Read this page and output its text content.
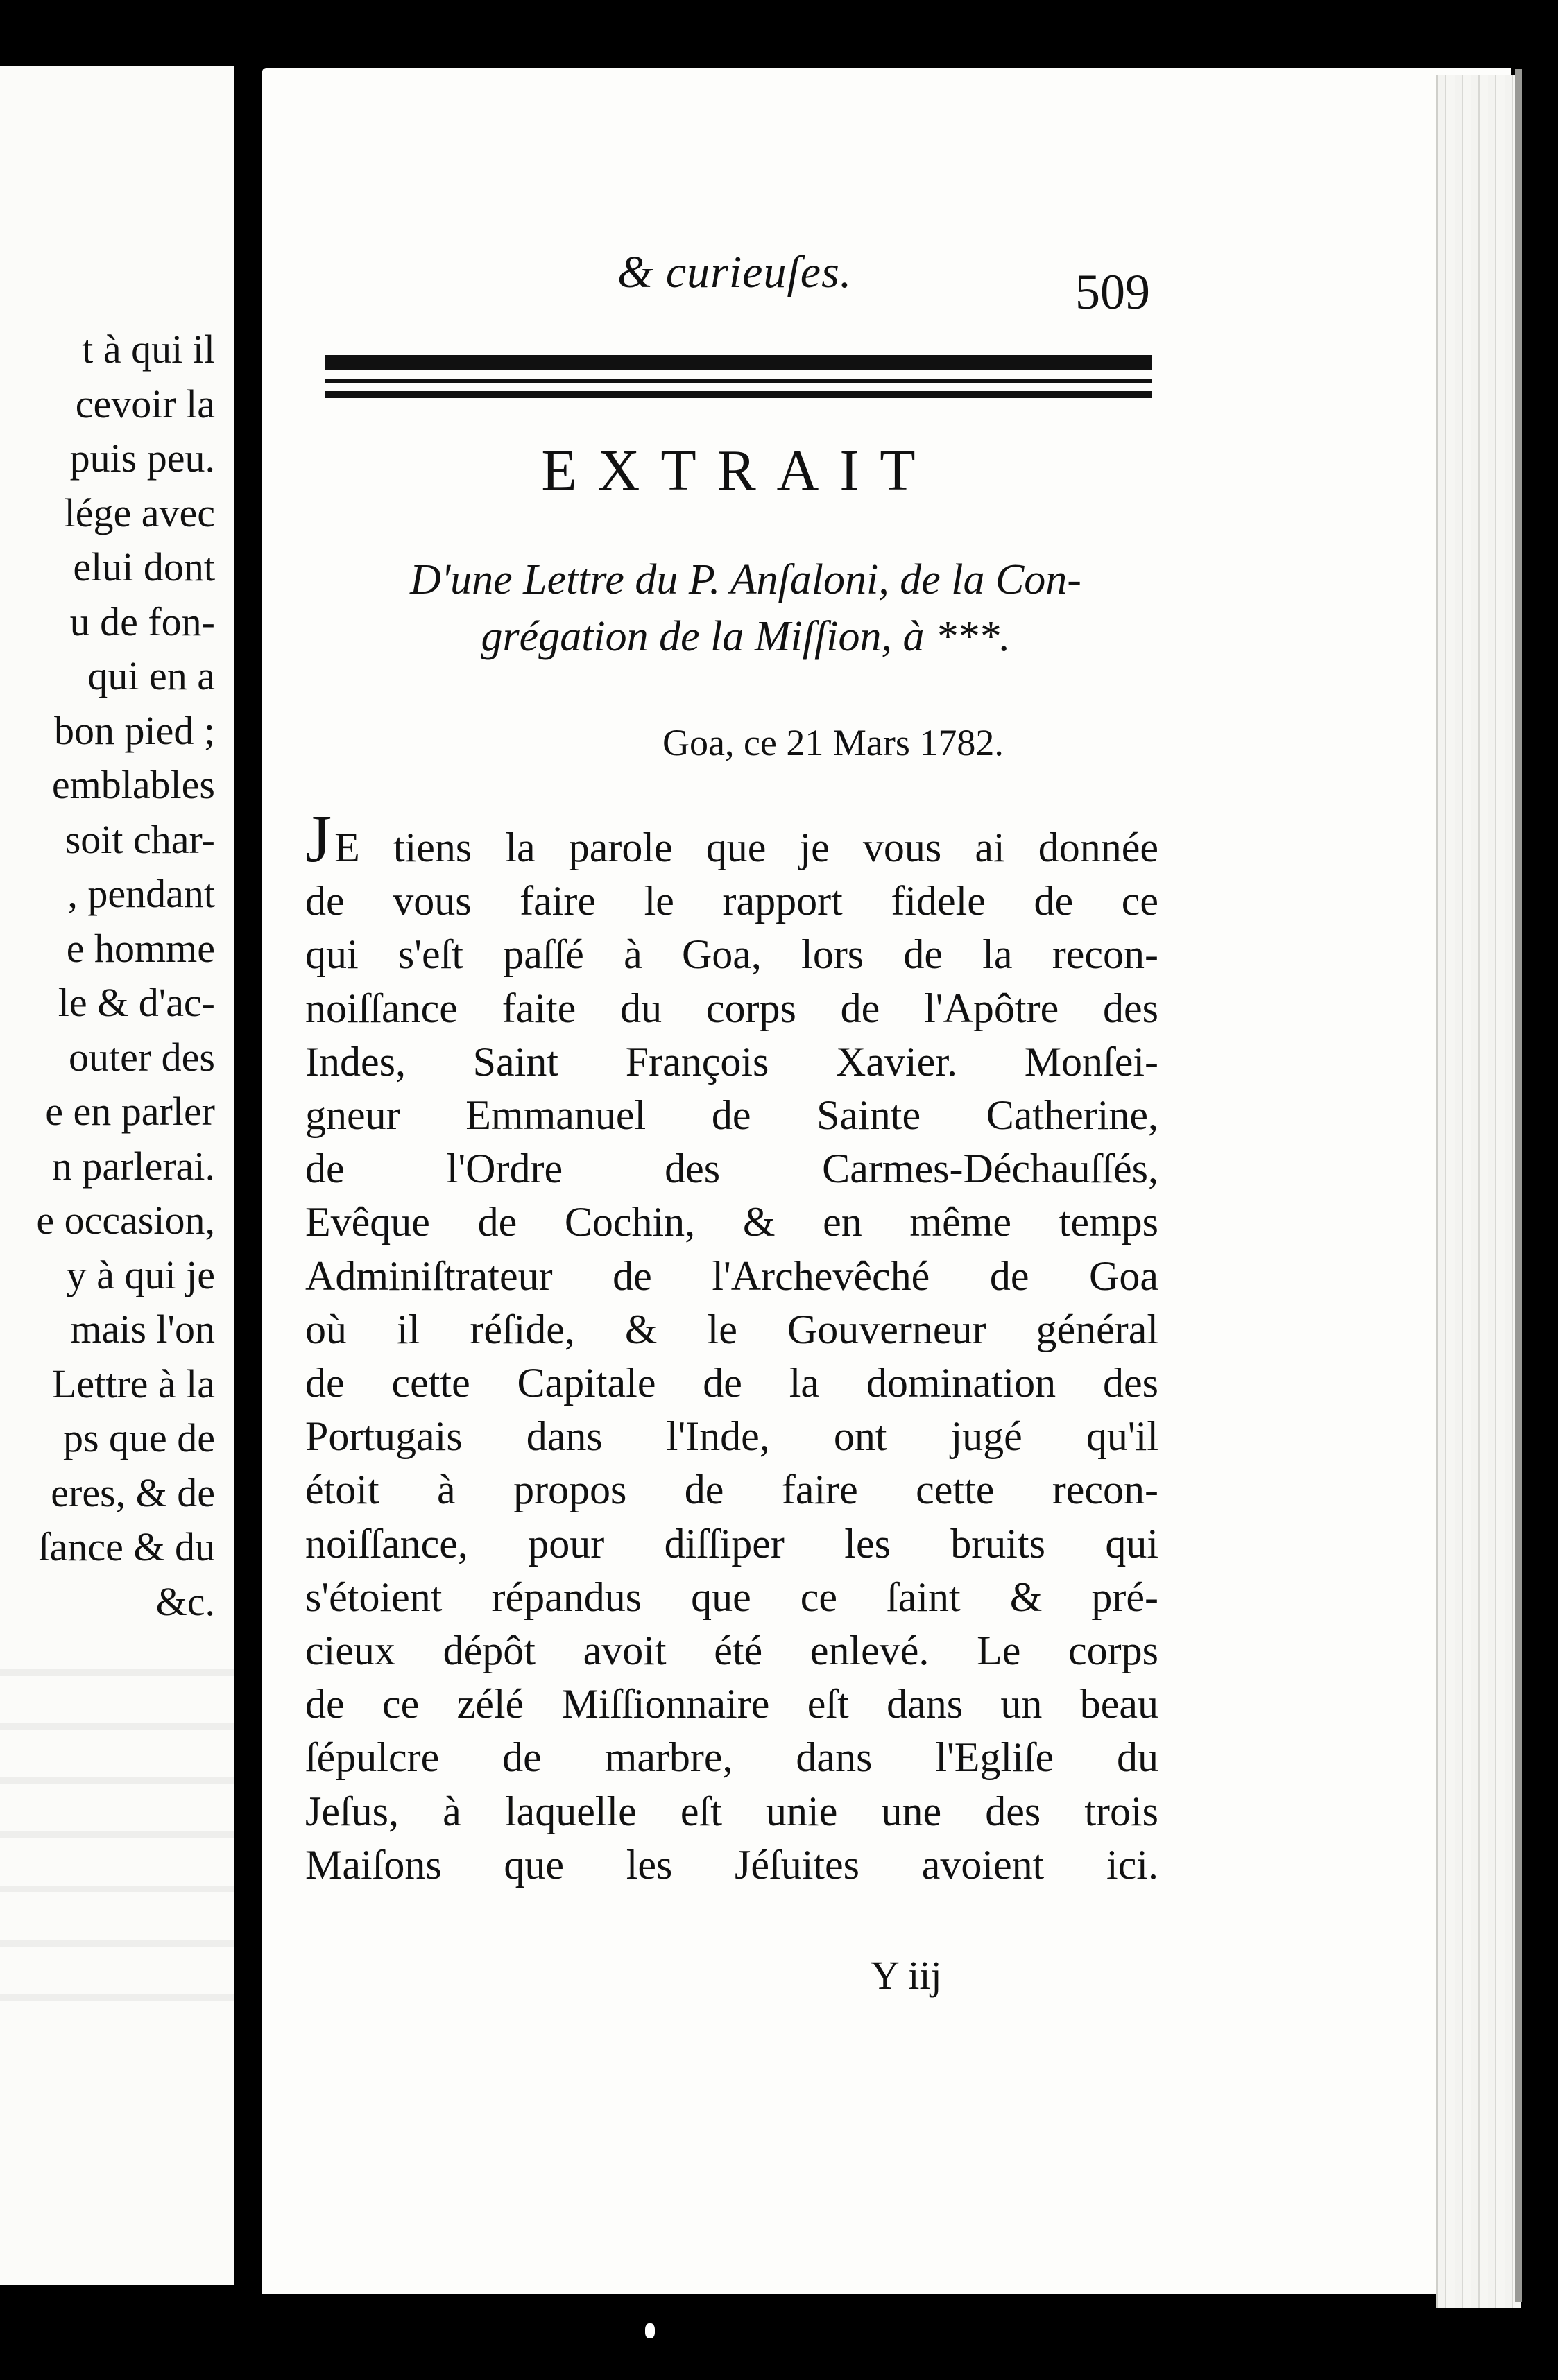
t à qui il
cevoir la
puis peu.
lége avec
elui dont
u de fon-
qui en a
bon pied ;
emblables
soit char-
, pendant
e homme
le & d'ac-
outer des
e en parler
n parlerai.
e occasion,
y à qui je
mais l'on
Lettre à la
ps que de
eres, & de
ſance & du
&c.
& curieuſes.	509
EXTRAIT
D'une Lettre du P. Anſaloni, de la Con-
grégation de la Miſſion, à ***.
Goa, ce 21 Mars 1782.
JE tiens la parole que je vous ai donnée
de vous faire le rapport fidele de ce
qui s'eſt paſſé à Goa, lors de la recon-
noiſſance faite du corps de l'Apôtre des
Indes, Saint François Xavier. Monſei-
gneur Emmanuel de Sainte Catherine,
de l'Ordre des Carmes-Déchauſſés,
Evêque de Cochin, & en même temps
Adminiſtrateur de l'Archevêché de Goa
où il réſide, & le Gouverneur général
de cette Capitale de la domination des
Portugais dans l'Inde, ont jugé qu'il
étoit à propos de faire cette recon-
noiſſance, pour diſſiper les bruits qui
s'étoient répandus que ce ſaint & pré-
cieux dépôt avoit été enlevé. Le corps
de ce zélé Miſſionnaire eſt dans un beau
ſépulcre de marbre, dans l'Egliſe du
Jeſus, à laquelle eſt unie une des trois
Maiſons que les Jéſuites avoient ici.
Y iij
